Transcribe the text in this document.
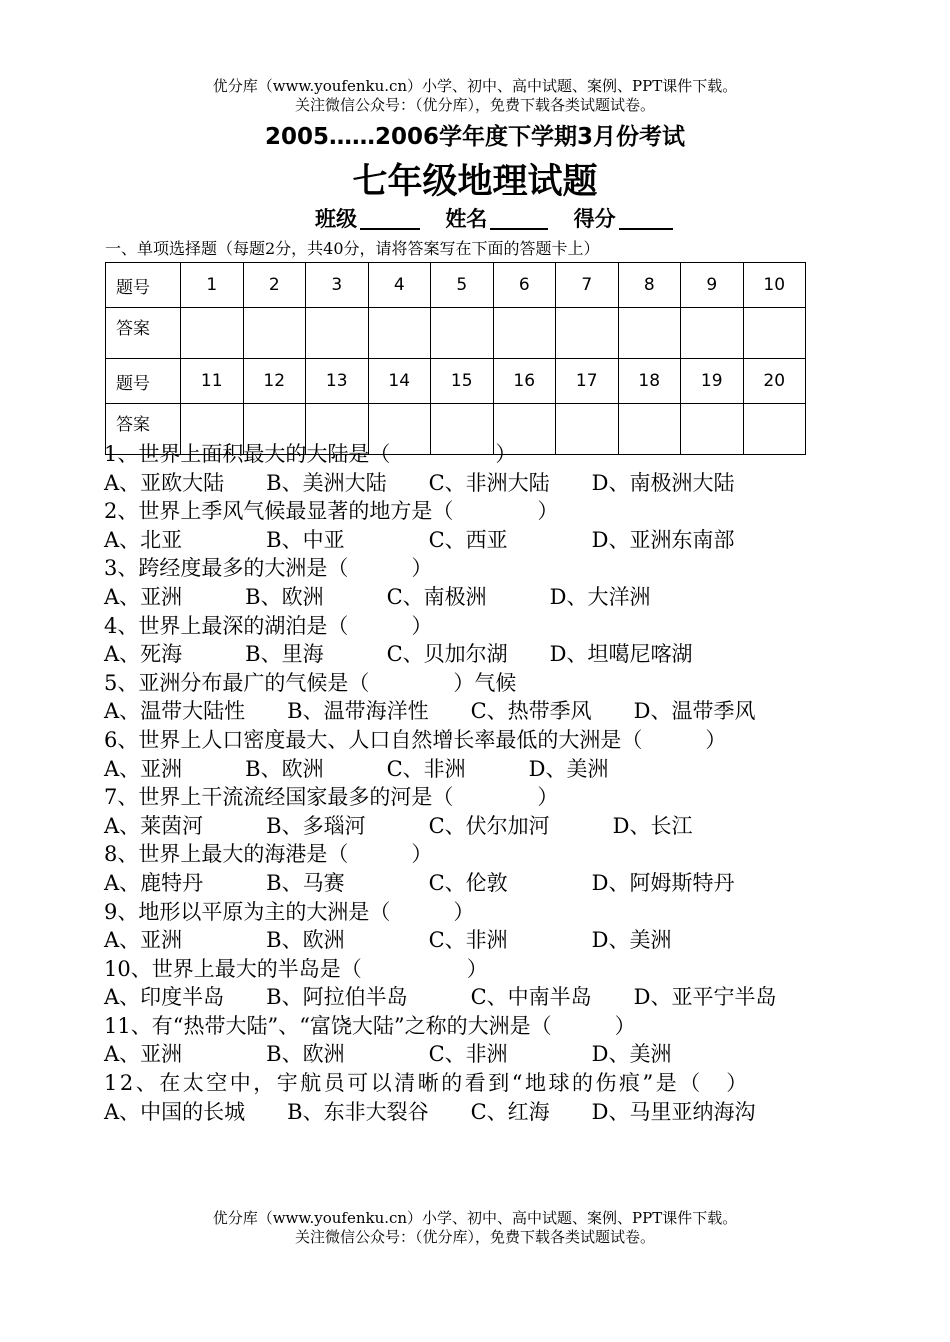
优分库（www.youfenku.cn）小学、初中、高中试题、案例、PPT课件下载。
关注微信公众号：（优分库），免费下载各类试题试卷。
2005……2006学年度下学期3月份考试
七年级地理试题
班级	姓名	得分
一、单项选择题（每题2分，共40分，请将答案写在下面的答题卡上）
题号	1	2	3	4	5	6	7	8	9	10
答案										
题号	11	12	13	14	15	16	17	18	19	20
答案										
1、世界上面积最大的大陆是（　　　　　）
A、亚欧大陆　　B、美洲大陆　　C、非洲大陆　　D、南极洲大陆
2、世界上季风气候最显著的地方是（　　　　）
A、北亚　　　　B、中亚　　　　C、西亚　　　　D、亚洲东南部
3、跨经度最多的大洲是（　　　）
A、亚洲　　　B、欧洲　　　C、南极洲　　　D、大洋洲
4、世界上最深的湖泊是（　　　）
A、死海　　　B、里海　　　C、贝加尔湖　　D、坦噶尼喀湖
5、亚洲分布最广的气候是（　　　　）气候
A、温带大陆性　　B、温带海洋性　　C、热带季风　　D、温带季风
6、世界上人口密度最大、人口自然增长率最低的大洲是（　　　）
A、亚洲　　　B、欧洲　　　C、非洲　　　D、美洲
7、世界上干流流经国家最多的河是（　　　　）
A、莱茵河　　　B、多瑙河　　　C、伏尔加河　　　D、长江
8、世界上最大的海港是（　　　）
A、鹿特丹　　　B、马赛　　　　C、伦敦　　　　D、阿姆斯特丹
9、地形以平原为主的大洲是（　　　）
A、亚洲　　　　B、欧洲　　　　C、非洲　　　　D、美洲
10、世界上最大的半岛是（　　　　　）
A、印度半岛　　B、阿拉伯半岛　　　C、中南半岛　　D、亚平宁半岛
11、有“热带大陆”、“富饶大陆”之称的大洲是（　　　）
A、亚洲　　　　B、欧洲　　　　C、非洲　　　　D、美洲
12、在太空中，宇航员可以清晰的看到“地球的伤痕”是（　）
A、中国的长城　　B、东非大裂谷　　C、红海　　D、马里亚纳海沟
优分库（www.youfenku.cn）小学、初中、高中试题、案例、PPT课件下载。
关注微信公众号：（优分库），免费下载各类试题试卷。
